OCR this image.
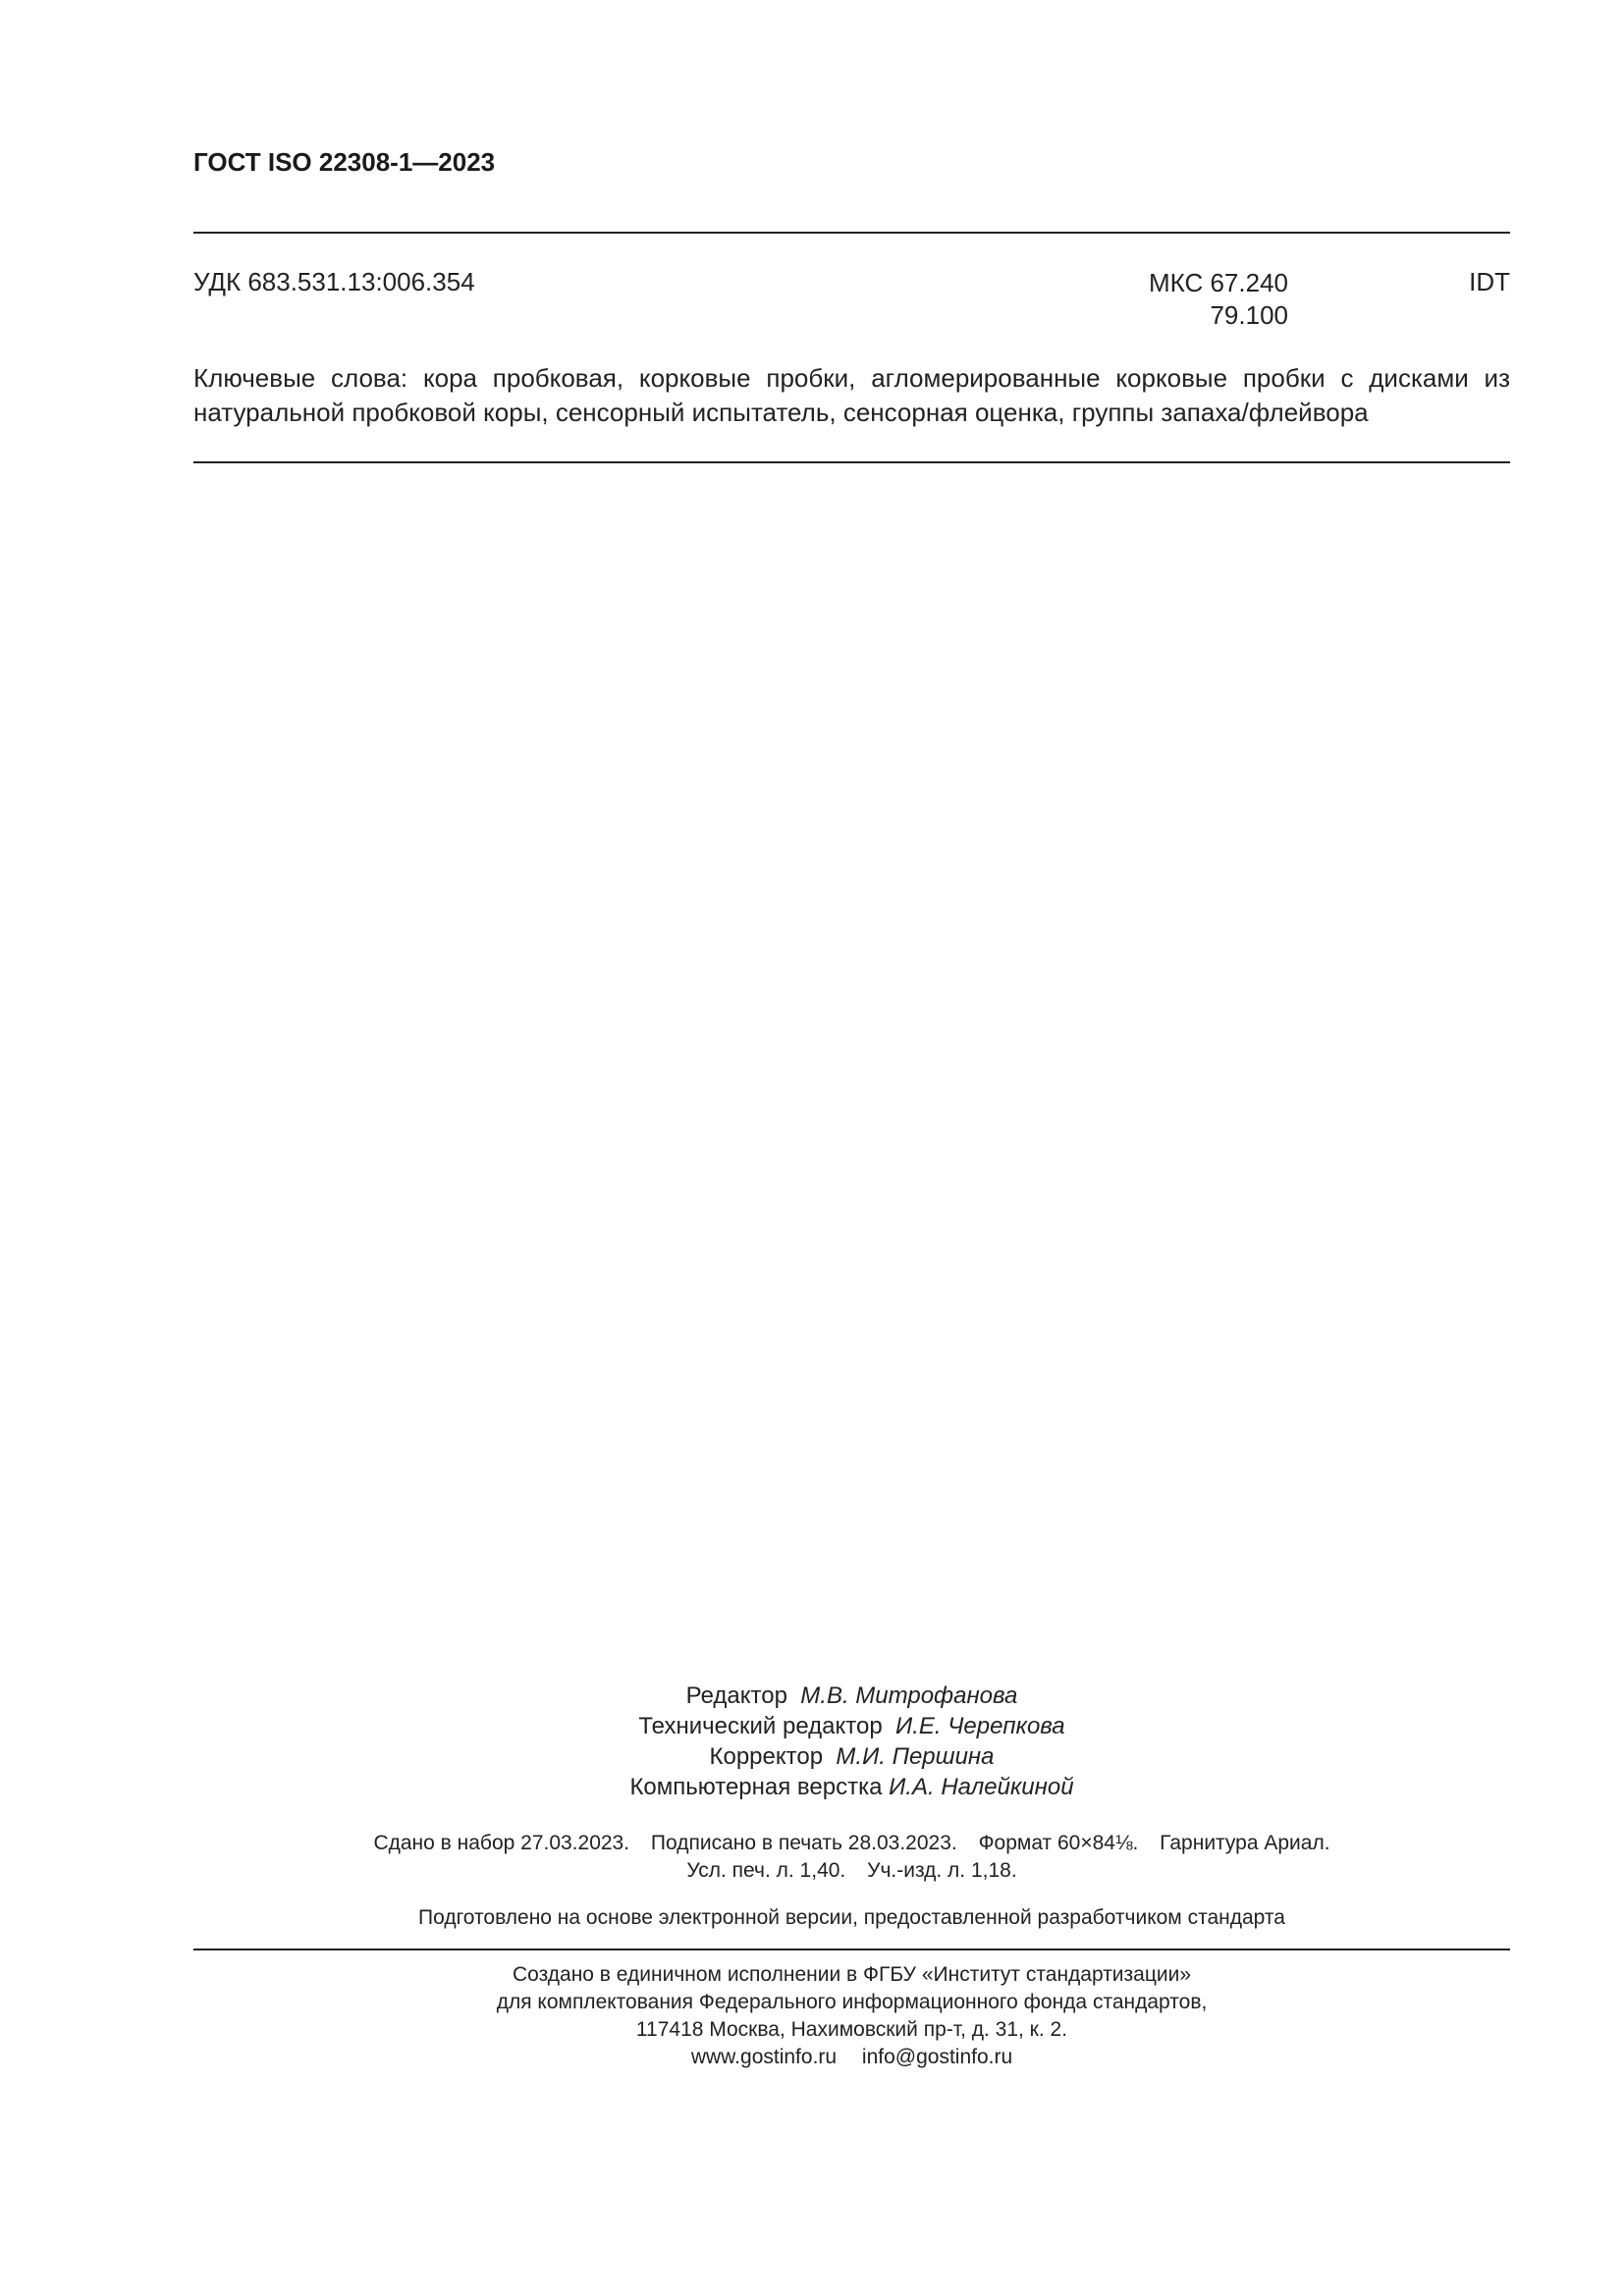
ГОСТ ISO 22308-1—2023
УДК 683.531.13:006.354	МКС 67.240
79.100
IDT
Ключевые слова: кора пробковая, корковые пробки, агломерированные корковые пробки с дисками из натуральной пробковой коры, сенсорный испытатель, сенсорная оценка, группы запаха/флейвора
Редактор М.В. Митрофанова
Технический редактор И.Е. Черепкова
Корректор М.И. Першина
Компьютерная верстка И.А. Налейкиной
Сдано в набор 27.03.2023. Подписано в печать 28.03.2023. Формат 60×84⅛. Гарнитура Ариал.
Усл. печ. л. 1,40. Уч.-изд. л. 1,18.
Подготовлено на основе электронной версии, предоставленной разработчиком стандарта
Создано в единичном исполнении в ФГБУ «Институт стандартизации»
для комплектования Федерального информационного фонда стандартов,
117418 Москва, Нахимовский пр-т, д. 31, к. 2.
www.gostinfo.ru info@gostinfo.ru
